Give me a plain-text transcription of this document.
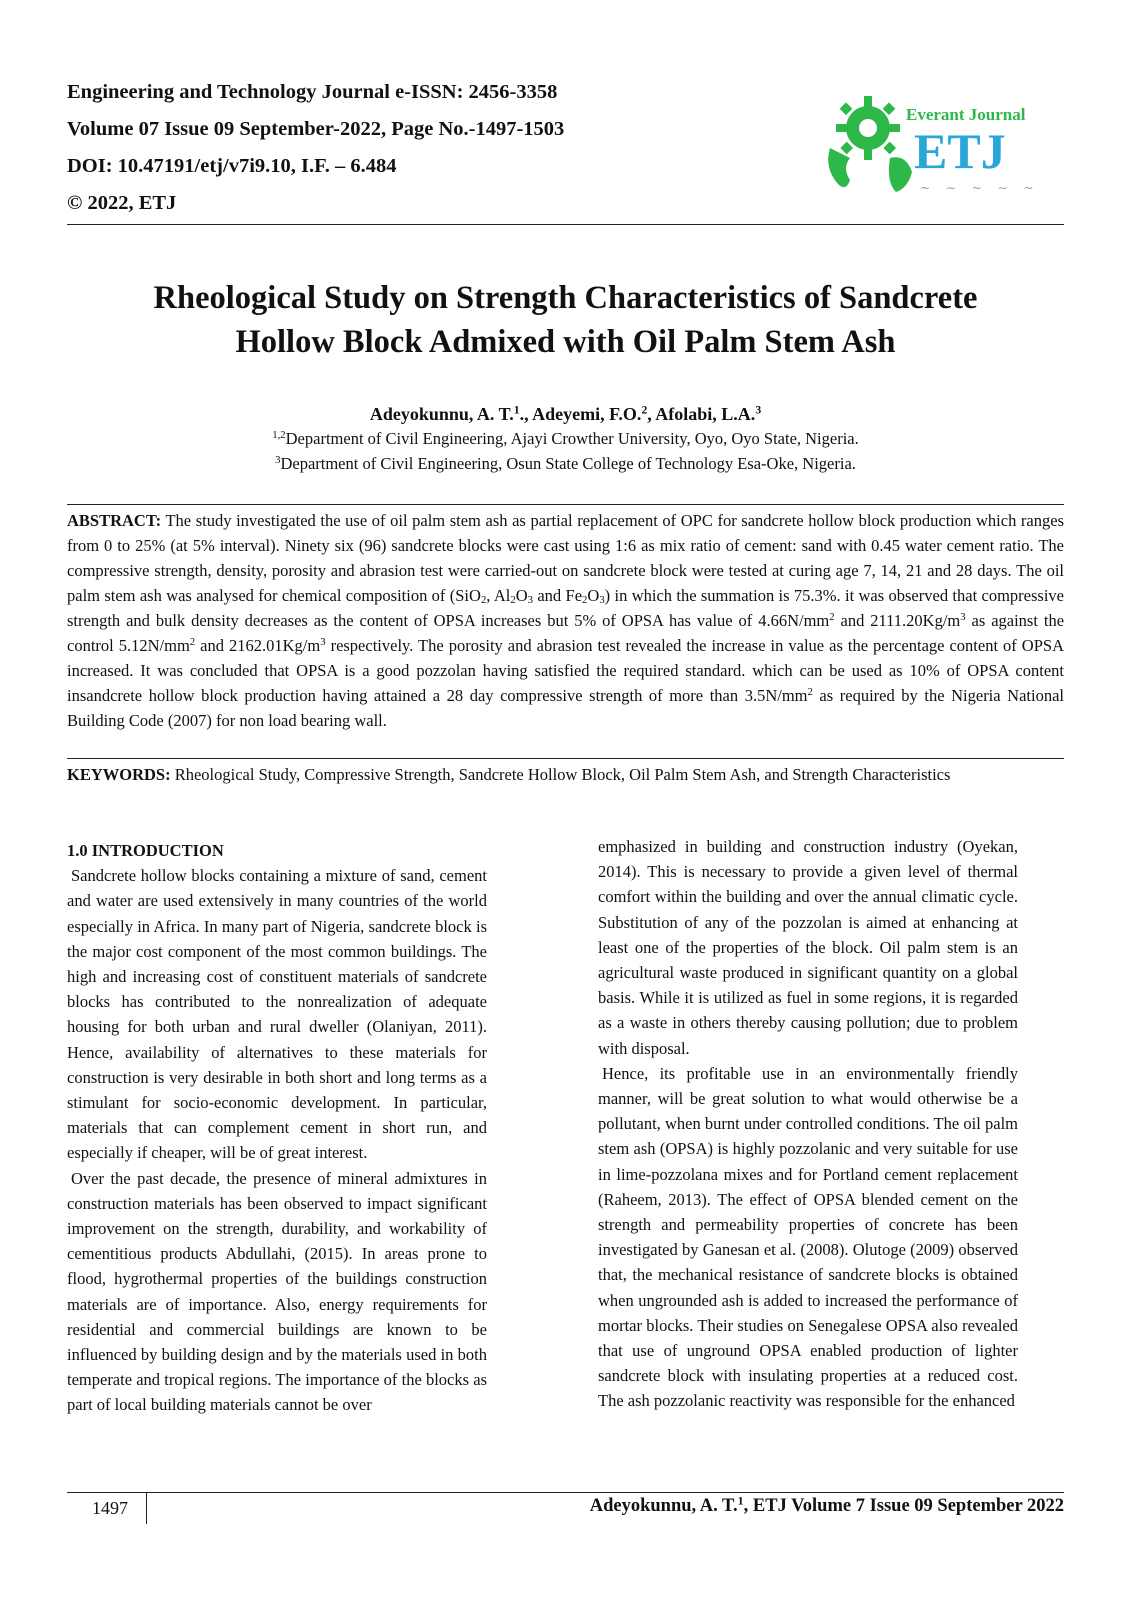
Engineering and Technology Journal e-ISSN: 2456-3358
Volume 07 Issue 09 September-2022, Page No.-1497-1503
DOI: 10.47191/etj/v7i9.10, I.F. – 6.484
© 2022, ETJ
Everant Journal
ETJ
~ ∼ ~ ∼ ~
Rheological Study on Strength Characteristics of Sandcrete
Hollow Block Admixed with Oil Palm Stem Ash
Adeyokunnu, A. T.$^1$., Adeyemi, F.O.$^2$, Afolabi, L.A.$^3$
$^{1,2}$Department of Civil Engineering, Ajayi Crowther University, Oyo, Oyo State, Nigeria.
$^3$Department of Civil Engineering, Osun State College of Technology Esa-Oke, Nigeria.
ABSTRACT: The study investigated the use of oil palm stem ash as partial replacement of OPC for sandcrete hollow block production which ranges from 0 to 25% (at 5% interval). Ninety six (96) sandcrete blocks were cast using 1:6 as mix ratio of cement: sand with 0.45 water cement ratio. The compressive strength, density, porosity and abrasion test were carried-out on sandcrete block were tested at curing age 7, 14, 21 and 28 days. The oil palm stem ash was analysed for chemical composition of (SiO$_2$, $Al_2O_3$ and $Fe_2O_3$) in which the summation is 75.3%. it was observed that compressive strength and bulk density decreases as the content of OPSA increases but 5% of OPSA has value of $4.66N/mm^2$ and $2111.20Kg/m^3$ as against the control $5.12N/mm^2$ and $2162.01Kg/m^3$ respectively. The porosity and abrasion test revealed the increase in value as the percentage content of OPSA increased. It was concluded that OPSA is a good pozzolan having satisfied the required standard. which can be used as 10% of OPSA content insandcrete hollow block production having attained a 28 day compressive strength of more than $3.5N/mm^2$ as required by the Nigeria National Building Code (2007) for non load bearing wall.
KEYWORDS: Rheological Study, Compressive Strength, Sandcrete Hollow Block, Oil Palm Stem Ash, and Strength Characteristics

1.0 INTRODUCTION

Sandcrete hollow blocks containing a mixture of sand, cement and water are used extensively in many countries of the world especially in Africa. In many part of Nigeria, sandcrete block is the major cost component of the most common buildings. The high and increasing cost of constituent materials of sandcrete blocks has contributed to the nonrealization of adequate housing for both urban and rural dweller (Olaniyan, 2011). Hence, availability of alternatives to these materials for construction is very desirable in both short and long terms as a stimulant for socio-economic development. In particular, materials that can complement cement in short run, and especially if cheaper, will be of great interest.

Over the past decade, the presence of mineral admixtures in construction materials has been observed to impact significant improvement on the strength, durability, and workability of cementitious products Abdullahi, (2015). In areas prone to flood, hygrothermal properties of the buildings construction materials are of importance. Also, energy requirements for residential and commercial buildings are known to be influenced by building design and by the materials used in both temperate and tropical regions. The importance of the blocks as part of local building materials cannot be over

emphasized in building and construction industry (Oyekan, 2014). This is necessary to provide a given level of thermal comfort within the building and over the annual climatic cycle. Substitution of any of the pozzolan is aimed at enhancing at least one of the properties of the block. Oil palm stem is an agricultural waste produced in significant quantity on a global basis. While it is utilized as fuel in some regions, it is regarded as a waste in others thereby causing pollution; due to problem with disposal.

Hence, its profitable use in an environmentally friendly manner, will be great solution to what would otherwise be a pollutant, when burnt under controlled conditions. The oil palm stem ash (OPSA) is highly pozzolanic and very suitable for use in lime-pozzolana mixes and for Portland cement replacement (Raheem, 2013). The effect of OPSA blended cement on the strength and permeability properties of concrete has been investigated by Ganesan et al. (2008). Olutoge (2009) observed that, the mechanical resistance of sandcrete blocks is obtained when ungrounded ash is added to increased the performance of mortar blocks. Their studies on Senegalese OPSA also revealed that use of unground OPSA enabled production of lighter sandcrete block with insulating properties at a reduced cost. The ash pozzolanic reactivity was responsible for the enhanced

1497	Adeyokunnu, A. T.$^1$, ETJ Volume 7 Issue 09 September 2022
